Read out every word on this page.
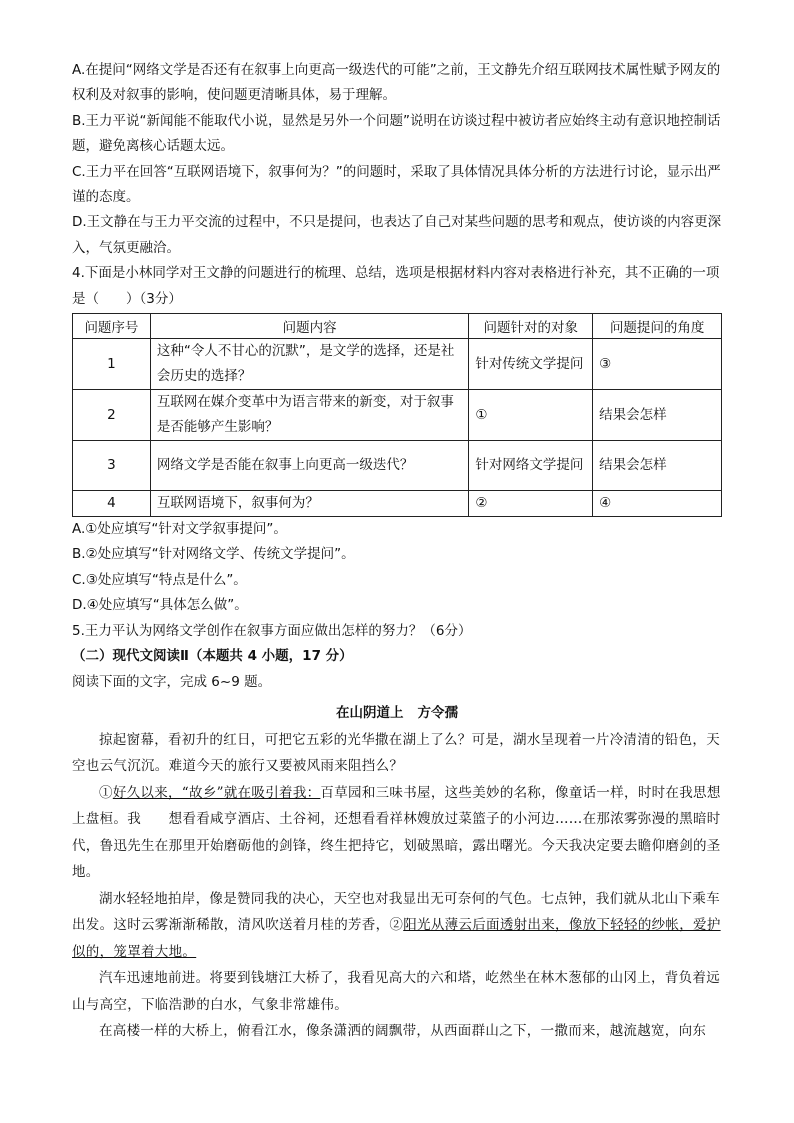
A.在提问“网络文学是否还有在叙事上向更高一级迭代的可能”之前，王文静先介绍互联网技术属性赋予网友的权利及对叙事的影响，使问题更清晰具体，易于理解。

B.王力平说“新闻能不能取代小说，显然是另外一个问题”说明在访谈过程中被访者应始终主动有意识地控制话题，避免离核心话题太远。

C.王力平在回答“互联网语境下，叙事何为？”的问题时，采取了具体情况具体分析的方法进行讨论，显示出严谨的态度。

D.王文静在与王力平交流的过程中，不只是提问，也表达了自己对某些问题的思考和观点，使访谈的内容更深入，气氛更融洽。

4.下面是小林同学对王文静的问题进行的梳理、总结，选项是根据材料内容对表格进行补充，其不正确的一项是（　　）（3分）

问题序号	问题内容	问题针对的对象	问题提问的角度
1	这种“令人不甘心的沉默”，是文学的选择，还是社会历史的选择？	针对传统文学提问	③
2	互联网在媒介变革中为语言带来的新变，对于叙事是否能够产生影响？	①	结果会怎样
3	网络文学是否能在叙事上向更高一级迭代？	针对网络文学提问	结果会怎样
4	互联网语境下，叙事何为？	②	④

A.①处应填写“针对文学叙事提问”。

B.②处应填写“针对网络文学、传统文学提问”。

C.③处应填写“特点是什么”。

D.④处应填写“具体怎么做”。

5.王力平认为网络文学创作在叙事方面应做出怎样的努力？（6分）

（二）现代文阅读Ⅱ（本题共 4 小题，17 分）

阅读下面的文字，完成 6~9 题。

在山阴道上 方令孺

掠起窗幕，看初升的红日，可把它五彩的光华撒在湖上了么？可是，湖水呈现着一片冷清清的铅色，天空也云气沉沉。难道今天的旅行又要被风雨来阻挡么？

①好久以来，“故乡”就在吸引着我：百草园和三味书屋，这些美妙的名称，像童话一样，时时在我思想上盘桓。我　　想看看咸亨酒店、土谷祠，还想看看祥林嫂放过菜篮子的小河边……在那浓雾弥漫的黑暗时代，鲁迅先生在那里开始磨砺他的剑锋，终生把持它，划破黑暗，露出曙光。今天我决定要去瞻仰磨剑的圣地。

湖水轻轻地拍岸，像是赞同我的决心，天空也对我显出无可奈何的气色。七点钟，我们就从北山下乘车出发。这时云雾渐渐稀散，清风吹送着月桂的芳香，②阳光从薄云后面透射出来，像放下轻轻的纱帐，爱护似的，笼罩着大地。

汽车迅速地前进。将要到钱塘江大桥了，我看见高大的六和塔，屹然坐在林木葱郁的山冈上，背负着远山与高空，下临浩渺的白水，气象非常雄伟。

在高楼一样的大桥上，俯看江水，像条潇洒的阔飘带，从西面群山之下，一撒而来，越流越宽，向东
